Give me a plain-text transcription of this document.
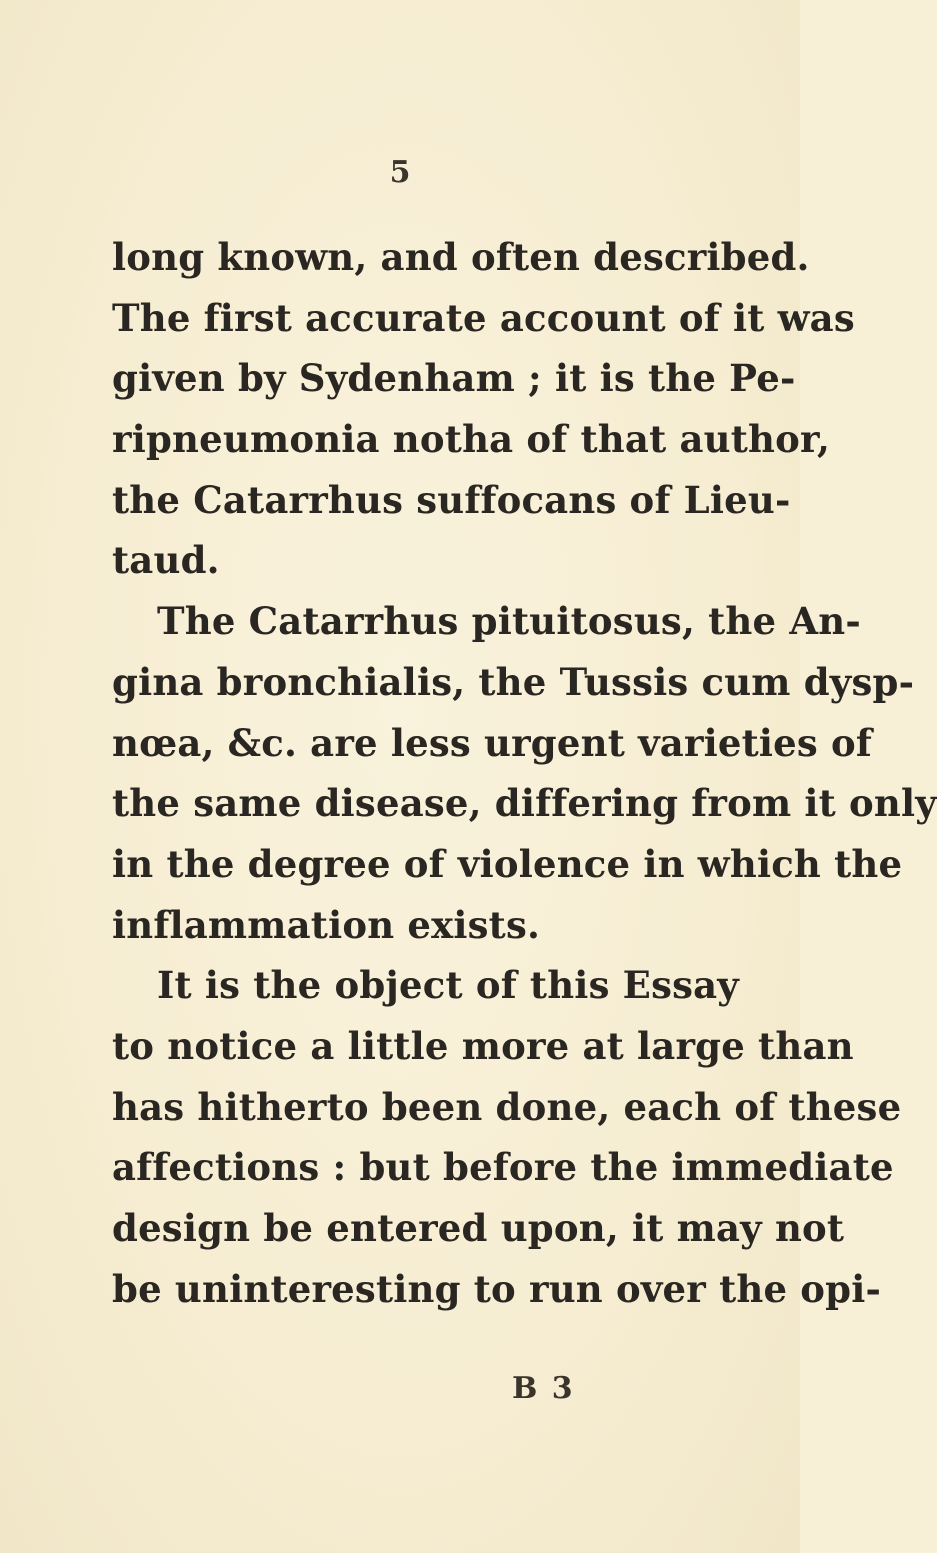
5
long known, and often described.
The first accurate account of it was
given by Sydenham ; it is the Pe-
ripneumonia notha of that author,
the Catarrhus suffocans of Lieu-
taud.
The Catarrhus pituitosus, the An-
gina bronchialis, the Tussis cum dysp-
nœa, &c. are less urgent varieties of
the same disease, differing from it only
in the degree of violence in which the
inflammation exists.
It is the object of this Essay
to notice a little more at large than
has hitherto been done, each of these
affections : but before the immediate
design be entered upon, it may not
be uninteresting to run over the opi-
B 3
